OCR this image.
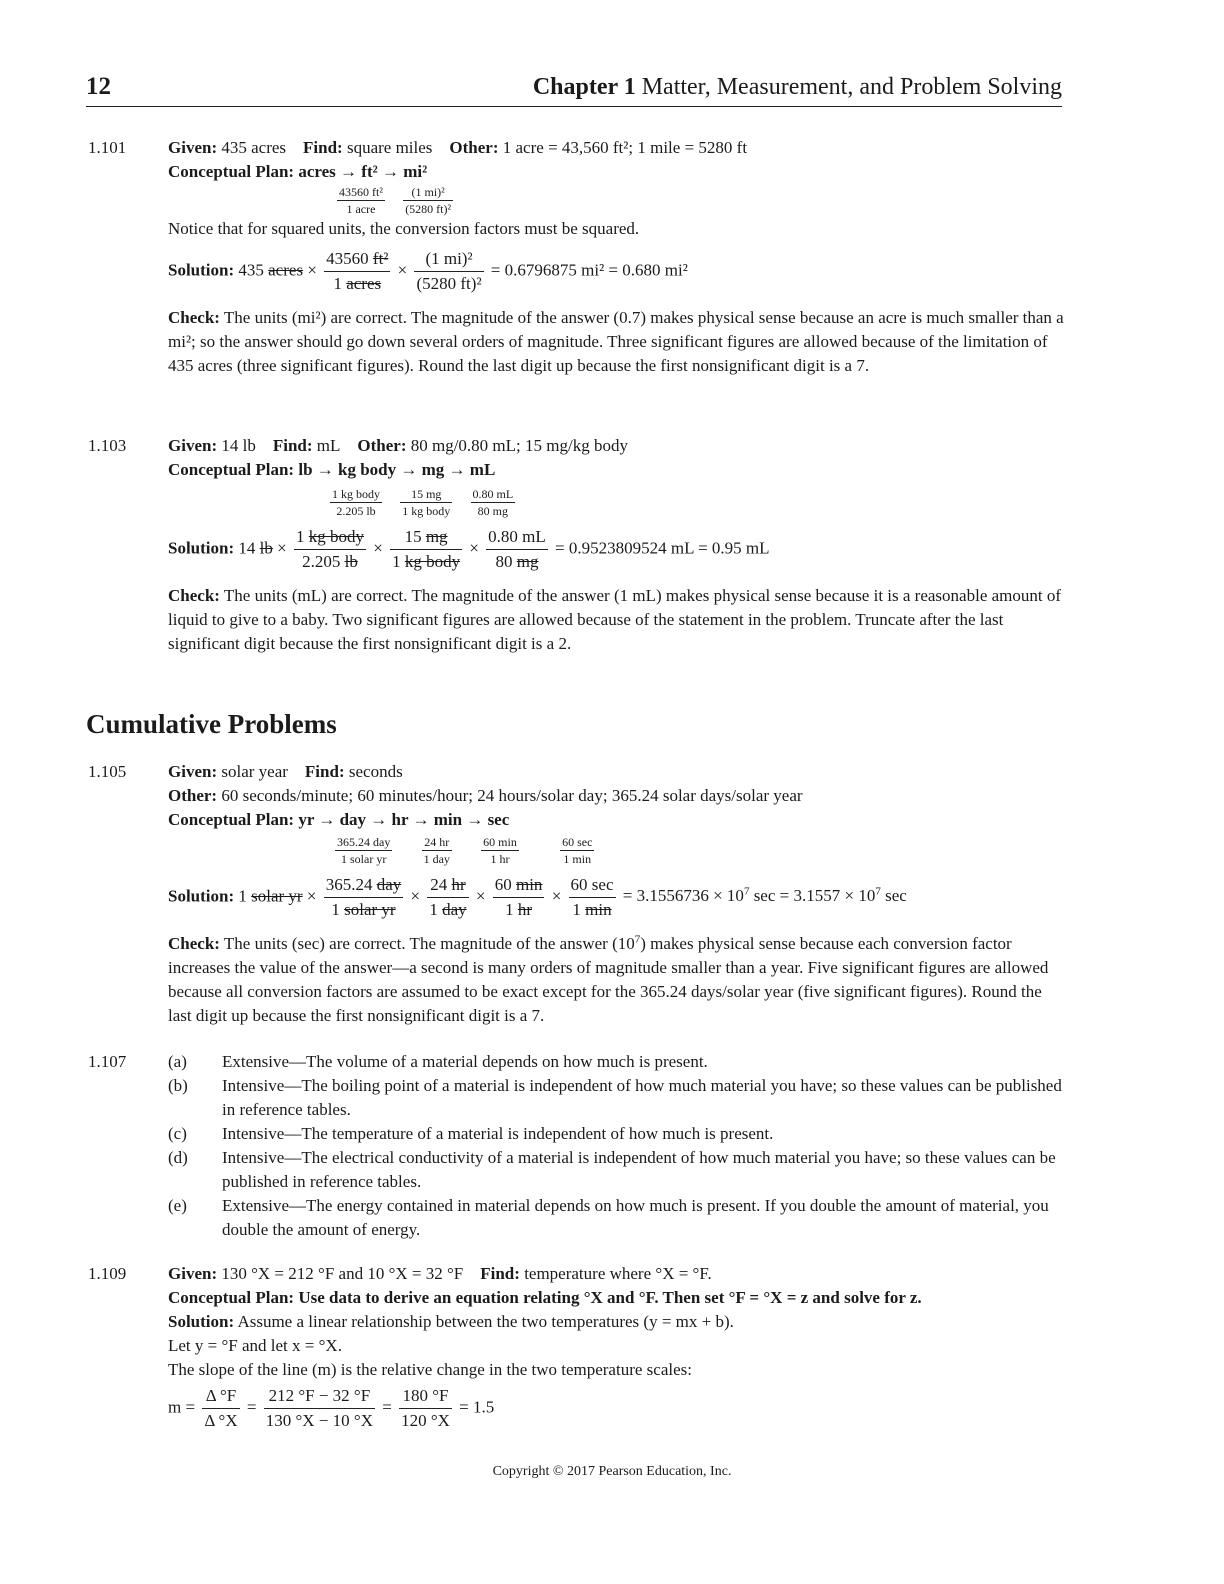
12	Chapter 1 Matter, Measurement, and Problem Solving
1.101 Given: 435 acres Find: square miles Other: 1 acre = 43,560 ft²; 1 mile = 5280 ft
Conceptual Plan: acres → ft² → mi²
$\frac{\text{43560 ft²}}{\text{1 acre}}$
$\frac{\text{(1 mi)²}}{\text{(5280 ft)²}}$
Notice that for squared units, the conversion factors must be squared.
Solution: 435 acres × $\frac{\text{43560 ft²}}{\text{1 acres}} \times \frac{\text{(1 mi)²}}{\text{(5280 ft)²}} = 0.6796875$ mi² = 0.680 mi²
Check: The units (mi²) are correct. The magnitude of the answer (0.7) makes physical sense because an acre is much smaller than a mi²; so the answer should go down several orders of magnitude. Three significant figures are allowed because of the limitation of 435 acres (three significant figures). Round the last digit up because the first nonsignificant digit is a 7.
1.103 Given: 14 lb Find: mL Other: 80 mg/0.80 mL; 15 mg/kg body
Conceptual Plan: lb → kg body → mg → mL
$\frac{\text{1 kg body}}{2.205 lb}$
$\frac{15 mg}{\text{1 kg body}}$
$\frac{0.80 mL}{80 mg}$
Solution: 14 lb × $\frac{\text{1 kg body}}{2.205 lb} \times \frac{15 mg}{\text{1 kg body}} \times \frac{0.80 mL}{80 mg} = 0.9523809524$ mL = 0.95 mL
Check: The units (mL) are correct. The magnitude of the answer (1 mL) makes physical sense because it is a reasonable amount of liquid to give to a baby. Two significant figures are allowed because of the statement in the problem. Truncate after the last significant digit because the first nonsignificant digit is a 2.
Cumulative Problems
1.105 Given: solar year Find: seconds
Other: 60 seconds/minute; 60 minutes/hour; 24 hours/solar day; 365.24 solar days/solar year
Conceptual Plan: yr → day → hr → min → sec
$\frac{\text{365.24 day}}{\text{1 solar yr}}$
$\frac{24 hr}{\text{1 day}}$
$\frac{60 \min}{1 hr}$
	$\frac{60 \sec}{1 \min}$
Solution: 1 solar yr × $\frac{\text{365.24 day}}{\text{1 solar yr}} \times \frac{24 hr}{\text{1 day}} \times \frac{60 \min}{1 hr} \times \frac{60 \sec}{1 \min} = 3.1556736 \times 10^7$ $\sec = 3.1557 \times 10^7$ sec
Check: The units (sec) are correct. The magnitude of the answer $(10^7)$ makes physical sense because each conversion factor increases the value of the answer—a second is many orders of magnitude smaller than a year. Five significant figures are allowed because all conversion factors are assumed to be exact except for the 365.24 days/solar year (five significant figures). Round the last digit up because the first nonsignificant digit is a 7.
1.107 (a)	Extensive—The volume of a material depends on how much is present.
(b)	Intensive—The boiling point of a material is independent of how much material you have; so these values can be published in reference tables.
(c)	Intensive—The temperature of a material is independent of how much is present.
(d)	Intensive—The electrical conductivity of a material is independent of how much material you have; so these values can be published in reference tables.
(e)	Extensive—The energy contained in material depends on how much is present. If you double the amount of material, you double the amount of energy.
1.109 Given: 130 °X = 212 °F and 10 °X = 32 °F Find: temperature where °X = °F.
Conceptual Plan: Use data to derive an equation relating °X and °F. Then set °F = °X = z and solve for z.
Solution: Assume a linear relationship between the two temperatures (y = mx + b).
Let y = °F and let x = °X.
The slope of the line (m) is the relative change in the two temperature scales:
$m = \frac{\Delta ^\circ F}{\Delta ^\circ X} = \frac{212 ^\circ F - 32 ^\circ F}{130 ^\circ X - 10 ^\circ X} = \frac{180 ^\circ F}{120 ^\circ X} = 1.5$
Copyright © 2017 Pearson Education, Inc.
